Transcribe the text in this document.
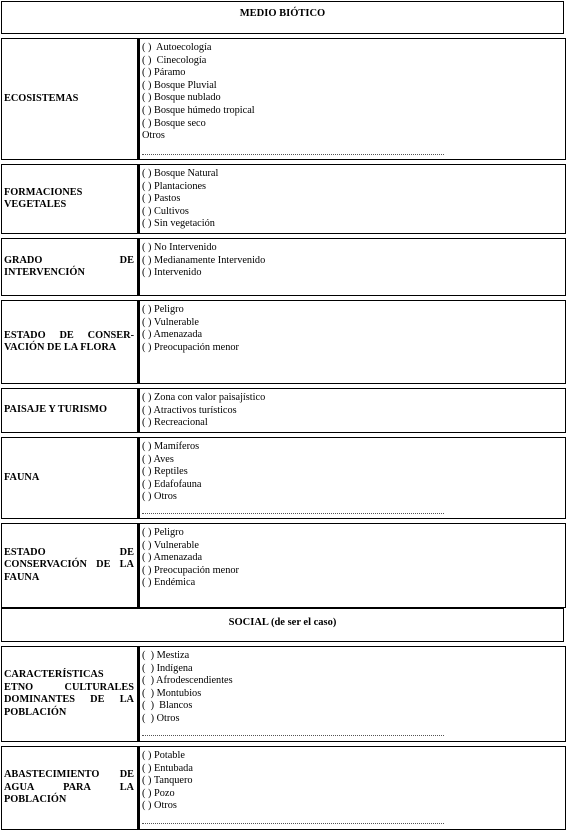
MEDIO BIÓTICO
ECOSISTEMAS
( )  Autoecología
( )  Cinecología
( ) Páramo
( ) Bosque Pluvial
( ) Bosque nublado
( ) Bosque húmedo tropical
( ) Bosque seco
Otros
FORMACIONES VEGETALES
( ) Bosque Natural
( ) Plantaciones
( ) Pastos
( ) Cultivos
( ) Sin vegetación
GRADO DE INTERVENCIÓN
( ) No Intervenido
( ) Medianamente Intervenido
( ) Intervenido
ESTADO DE CONSER-VACIÓN DE LA FLORA
( ) Peligro
( ) Vulnerable
( ) Amenazada
( ) Preocupación menor
PAISAJE Y TURISMO
( ) Zona con valor paisajístico
( ) Atractivos turísticos
( ) Recreacional
FAUNA
( ) Mamíferos
( ) Aves
( ) Reptiles
( ) Edafofauna
( ) Otros
ESTADO DE CONSERVACIÓN DE LA FAUNA
( ) Peligro
( ) Vulnerable
( ) Amenazada
( ) Preocupación menor
( ) Endémica
SOCIAL (de ser el caso)
CARACTERÍSTICAS ETNO CULTURALES DOMINANTES DE LA POBLACIÓN
(  ) Mestiza
(  ) Indígena
(  ) Afrodescendientes
(  ) Montubios
(  )  Blancos
(  ) Otros
ABASTECIMIENTO DE AGUA PARA LA POBLACIÓN
( ) Potable
( ) Entubada
( ) Tanquero
( ) Pozo
( ) Otros
